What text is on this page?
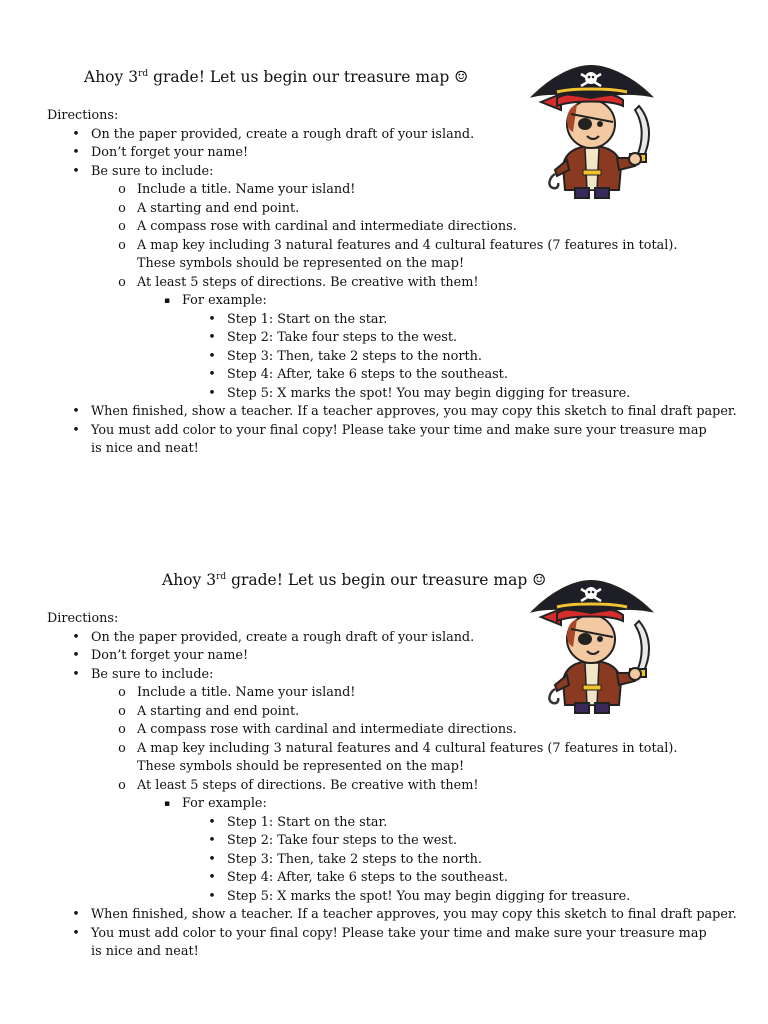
Ahoy 3rd grade! Let us begin our treasure map ☺
Directions:
• On the paper provided, create a rough draft of your island.
• Don’t forget your name!
• Be sure to include:
o Include a title. Name your island!
o A starting and end point.
o A compass rose with cardinal and intermediate directions.
o A map key including 3 natural features and 4 cultural features (7 features in total). These symbols should be represented on the map!
o At least 5 steps of directions. Be creative with them!
▪ For example:
• Step 1: Start on the star.
• Step 2: Take four steps to the west.
• Step 3: Then, take 2 steps to the north.
• Step 4: After, take 6 steps to the southeast.
• Step 5: X marks the spot! You may begin digging for treasure.
• When finished, show a teacher. If a teacher approves, you may copy this sketch to final draft paper.
• You must add color to your final copy! Please take your time and make sure your treasure map is nice and neat!
Ahoy 3rd grade! Let us begin our treasure map ☺
Directions:
• On the paper provided, create a rough draft of your island.
• Don’t forget your name!
• Be sure to include:
o Include a title. Name your island!
o A starting and end point.
o A compass rose with cardinal and intermediate directions.
o A map key including 3 natural features and 4 cultural features (7 features in total). These symbols should be represented on the map!
o At least 5 steps of directions. Be creative with them!
▪ For example:
• Step 1: Start on the star.
• Step 2: Take four steps to the west.
• Step 3: Then, take 2 steps to the north.
• Step 4: After, take 6 steps to the southeast.
• Step 5: X marks the spot! You may begin digging for treasure.
• When finished, show a teacher. If a teacher approves, you may copy this sketch to final draft paper.
• You must add color to your final copy! Please take your time and make sure your treasure map is nice and neat!
